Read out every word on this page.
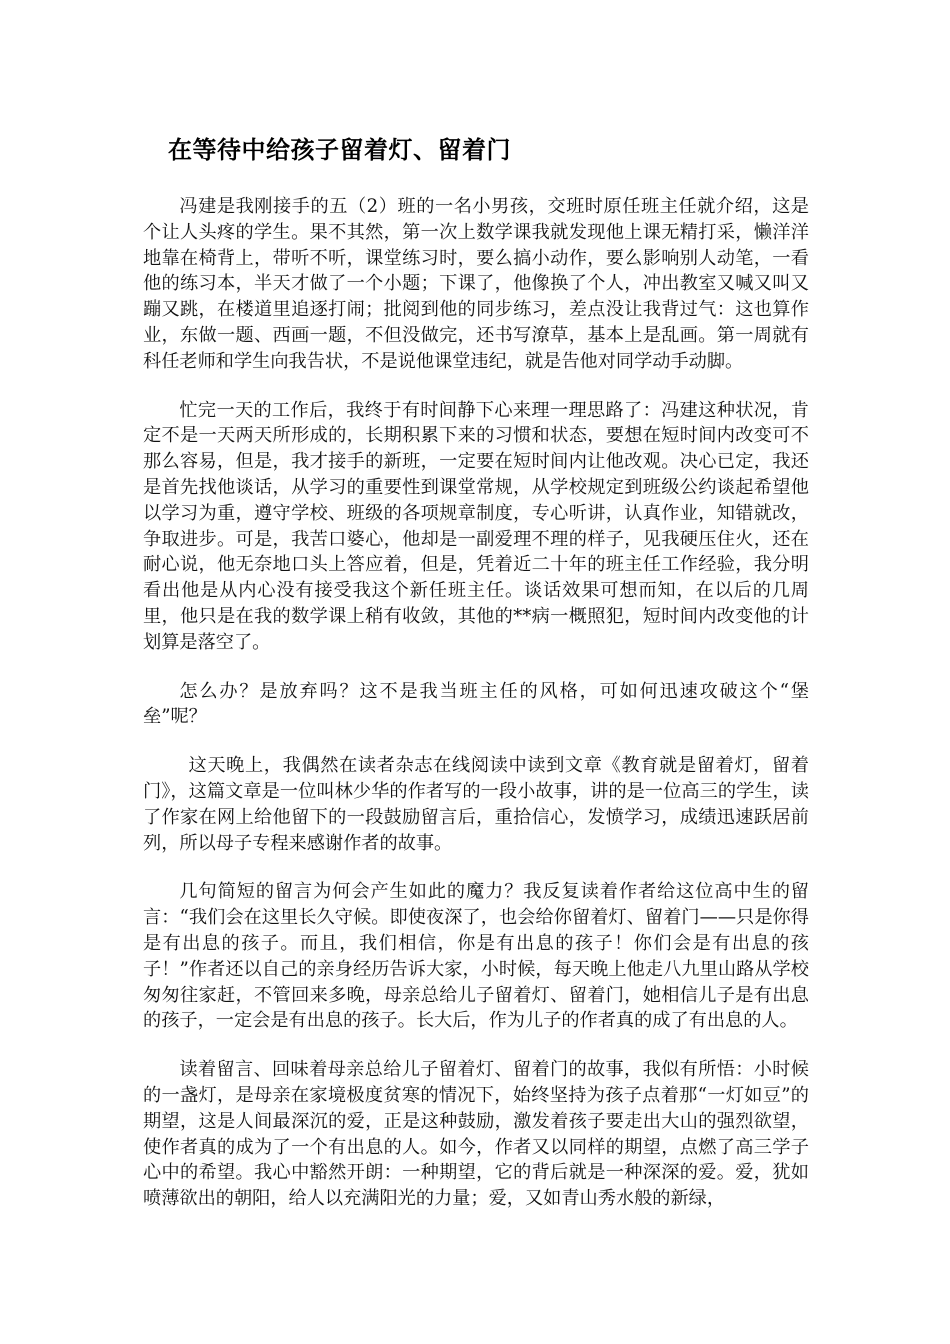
在等待中给孩子留着灯、留着门

冯建是我刚接手的五（2）班的一名小男孩，交班时原任班主任就介绍，这是个让人头疼的学生。果不其然，第一次上数学课我就发现他上课无精打采，懒洋洋地靠在椅背上，带听不听，课堂练习时，要么搞小动作，要么影响别人动笔，一看他的练习本，半天才做了一个小题；下课了，他像换了个人，冲出教室又喊又叫又蹦又跳，在楼道里追逐打闹；批阅到他的同步练习，差点没让我背过气：这也算作业，东做一题、西画一题，不但没做完，还书写潦草，基本上是乱画。第一周就有科任老师和学生向我告状，不是说他课堂违纪，就是告他对同学动手动脚。

忙完一天的工作后，我终于有时间静下心来理一理思路了：冯建这种状况，肯定不是一天两天所形成的，长期积累下来的习惯和状态，要想在短时间内改变可不那么容易，但是，我才接手的新班，一定要在短时间内让他改观。决心已定，我还是首先找他谈话，从学习的重要性到课堂常规，从学校规定到班级公约谈起希望他以学习为重，遵守学校、班级的各项规章制度，专心听讲，认真作业，知错就改，争取进步。可是，我苦口婆心，他却是一副爱理不理的样子，见我硬压住火，还在耐心说，他无奈地口头上答应着，但是，凭着近二十年的班主任工作经验，我分明看出他是从内心没有接受我这个新任班主任。谈话效果可想而知，在以后的几周里，他只是在我的数学课上稍有收敛，其他的**病一概照犯，短时间内改变他的计划算是落空了。

怎么办？是放弃吗？这不是我当班主任的风格，可如何迅速攻破这个“堡垒”呢？

这天晚上，我偶然在读者杂志在线阅读中读到文章《教育就是留着灯，留着门》，这篇文章是一位叫林少华的作者写的一段小故事，讲的是一位高三的学生，读了作家在网上给他留下的一段鼓励留言后，重拾信心，发愤学习，成绩迅速跃居前列，所以母子专程来感谢作者的故事。

几句简短的留言为何会产生如此的魔力？我反复读着作者给这位高中生的留言：“我们会在这里长久守候。即使夜深了，也会给你留着灯、留着门——只是你得是有出息的孩子。而且，我们相信，你是有出息的孩子！你们会是有出息的孩子！”作者还以自己的亲身经历告诉大家，小时候，每天晚上他走八九里山路从学校匆匆往家赶，不管回来多晚，母亲总给儿子留着灯、留着门，她相信儿子是有出息的孩子，一定会是有出息的孩子。长大后，作为儿子的作者真的成了有出息的人。

读着留言、回味着母亲总给儿子留着灯、留着门的故事，我似有所悟：小时候的一盏灯，是母亲在家境极度贫寒的情况下，始终坚持为孩子点着那“一灯如豆”的期望，这是人间最深沉的爱，正是这种鼓励，激发着孩子要走出大山的强烈欲望，使作者真的成为了一个有出息的人。如今，作者又以同样的期望，点燃了高三学子心中的希望。我心中豁然开朗：一种期望，它的背后就是一种深深的爱。爱，犹如喷薄欲出的朝阳，给人以充满阳光的力量；爱，又如青山秀水般的新绿，
